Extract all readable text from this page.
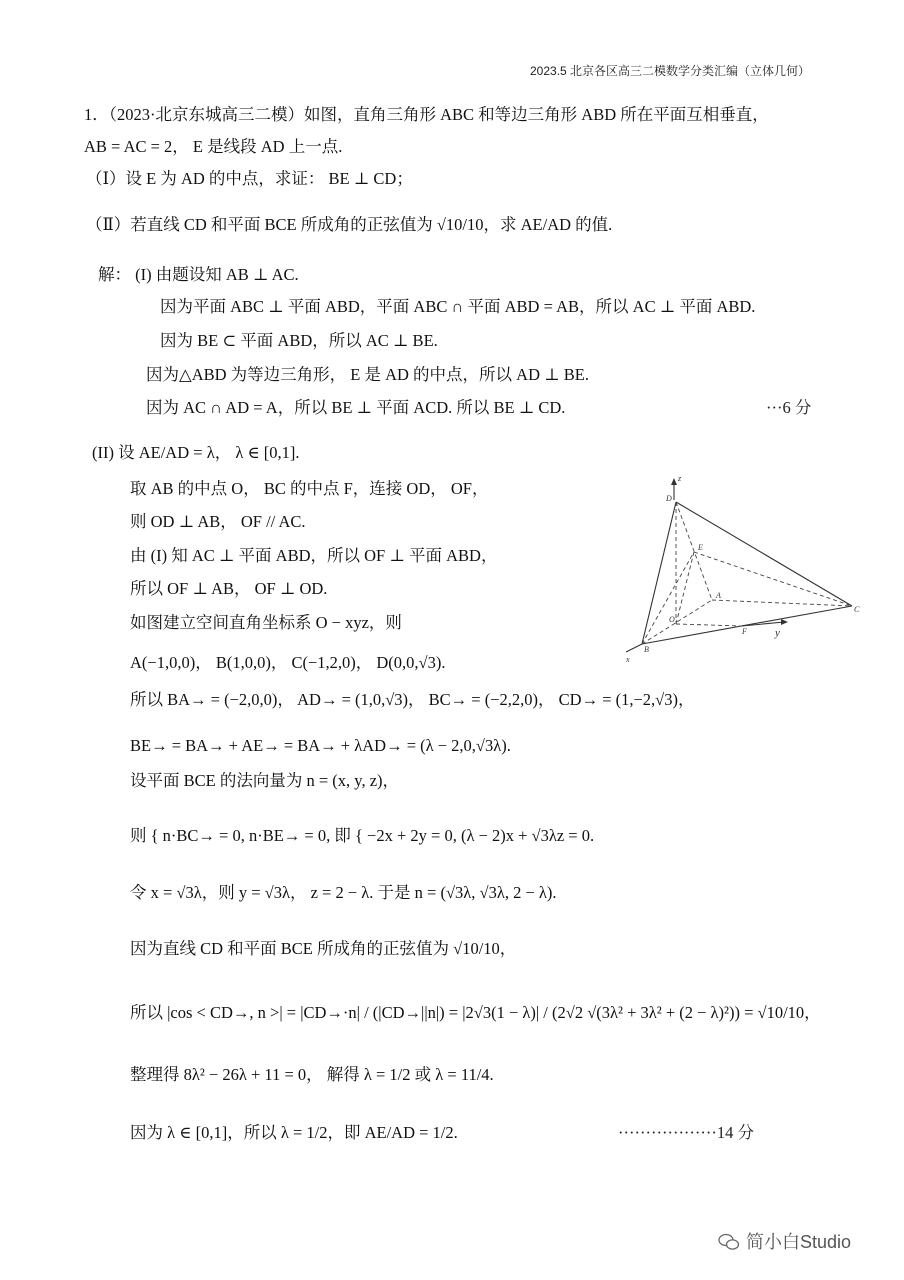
2023.5 北京各区高三二模数学分类汇编（立体几何）
1．（2023·北京东城高三二模）如图，直角三角形 ABC 和等边三角形 ABD 所在平面互相垂直，
AB = AC = 2， E 是线段 AD 上一点.
（Ⅰ）设 E 为 AD 的中点，求证： BE ⊥ CD；
（Ⅱ）若直线 CD 和平面 BCE 所成角的正弦值为 √10/10，求 AE/AD 的值.
解： (I) 由题设知 AB ⊥ AC.
因为平面 ABC ⊥ 平面 ABD，平面 ABC ∩ 平面 ABD = AB，所以 AC ⊥ 平面 ABD.
因为 BE ⊂ 平面 ABD，所以 AC ⊥ BE.
因为△ABD 为等边三角形， E 是 AD 的中点，所以 AD ⊥ BE.
因为 AC ∩ AD = A，所以 BE ⊥ 平面 ACD. 所以 BE ⊥ CD.	···6 分
(II) 设 AE/AD = λ， λ ∈ [0,1].
取 AB 的中点 O， BC 的中点 F，连接 OD， OF，
则 OD ⊥ AB， OF // AC.
由 (I) 知 AC ⊥ 平面 ABD，所以 OF ⊥ 平面 ABD，
所以 OF ⊥ AB， OF ⊥ OD.
如图建立空间直角坐标系 O − xyz，则
A(−1,0,0)， B(1,0,0)， C(−1,2,0)， D(0,0,√3).
所以 BA→ = (−2,0,0)， AD→ = (1,0,√3)， BC→ = (−2,2,0)， CD→ = (1,−2,√3)，
BE→ = BA→ + AE→ = BA→ + λAD→ = (λ − 2,0,√3λ).
设平面 BCE 的法向量为 n = (x, y, z)，
则 { n·BC→ = 0, n·BE→ = 0, 即 { −2x + 2y = 0, (λ − 2)x + √3λz = 0.
令 x = √3λ，则 y = √3λ， z = 2 − λ. 于是 n = (√3λ, √3λ, 2 − λ).
因为直线 CD 和平面 BCE 所成角的正弦值为 √10/10，
所以 |cos < CD→, n >| = |CD→·n| / (|CD→||n|) = |2√3(1 − λ)| / (2√2 √(3λ² + 3λ² + (2 − λ)²)) = √10/10，
整理得 8λ² − 26λ + 11 = 0， 解得 λ = 1/2 或 λ = 11/4.
因为 λ ∈ [0,1]，所以 λ = 1/2，即 AE/AD = 1/2.	··················14 分
z
D
E
A
O
C
F	y
B
x
简小白Studio
